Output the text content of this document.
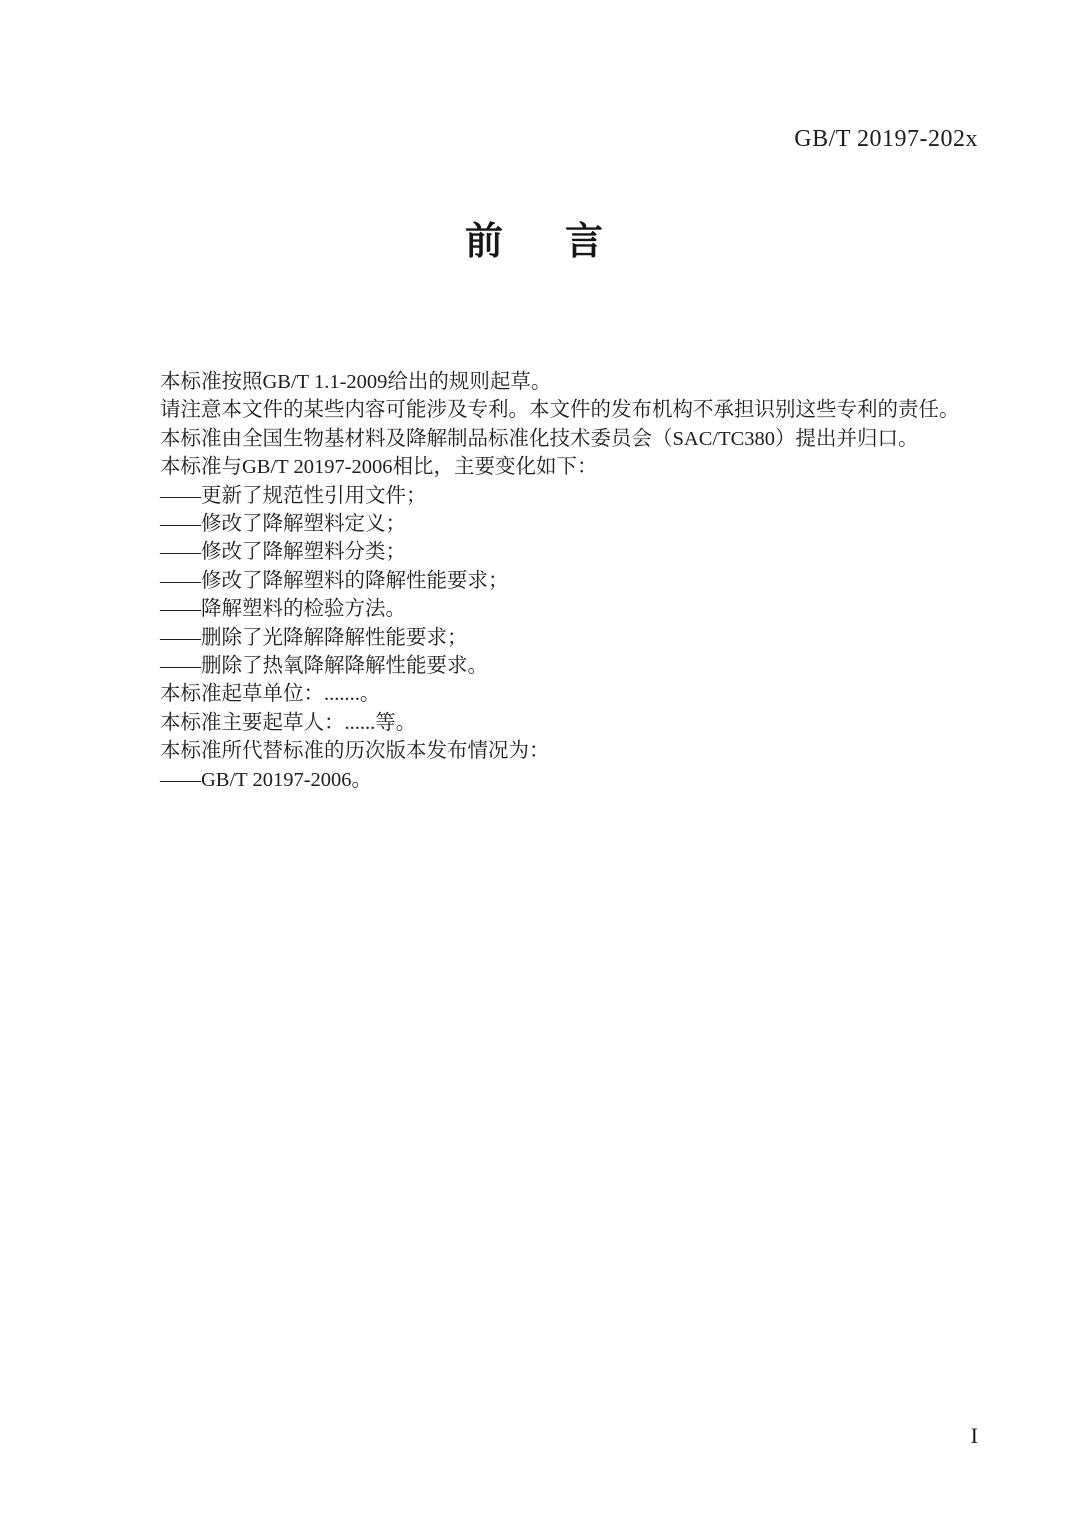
GB/T 20197-202x
前　言

本标准按照GB/T 1.1-2009给出的规则起草。

请注意本文件的某些内容可能涉及专利。本文件的发布机构不承担识别这些专利的责任。

本标准由全国生物基材料及降解制品标准化技术委员会（SAC/TC380）提出并归口。

本标准与GB/T 20197-2006相比，主要变化如下：

——更新了规范性引用文件；

——修改了降解塑料定义；

——修改了降解塑料分类；

——修改了降解塑料的降解性能要求；

——降解塑料的检验方法。

——删除了光降解降解性能要求；

——删除了热氧降解降解性能要求。

本标准起草单位：.......。

本标准主要起草人：......等。

本标准所代替标准的历次版本发布情况为：

——GB/T 20197-2006。

I
